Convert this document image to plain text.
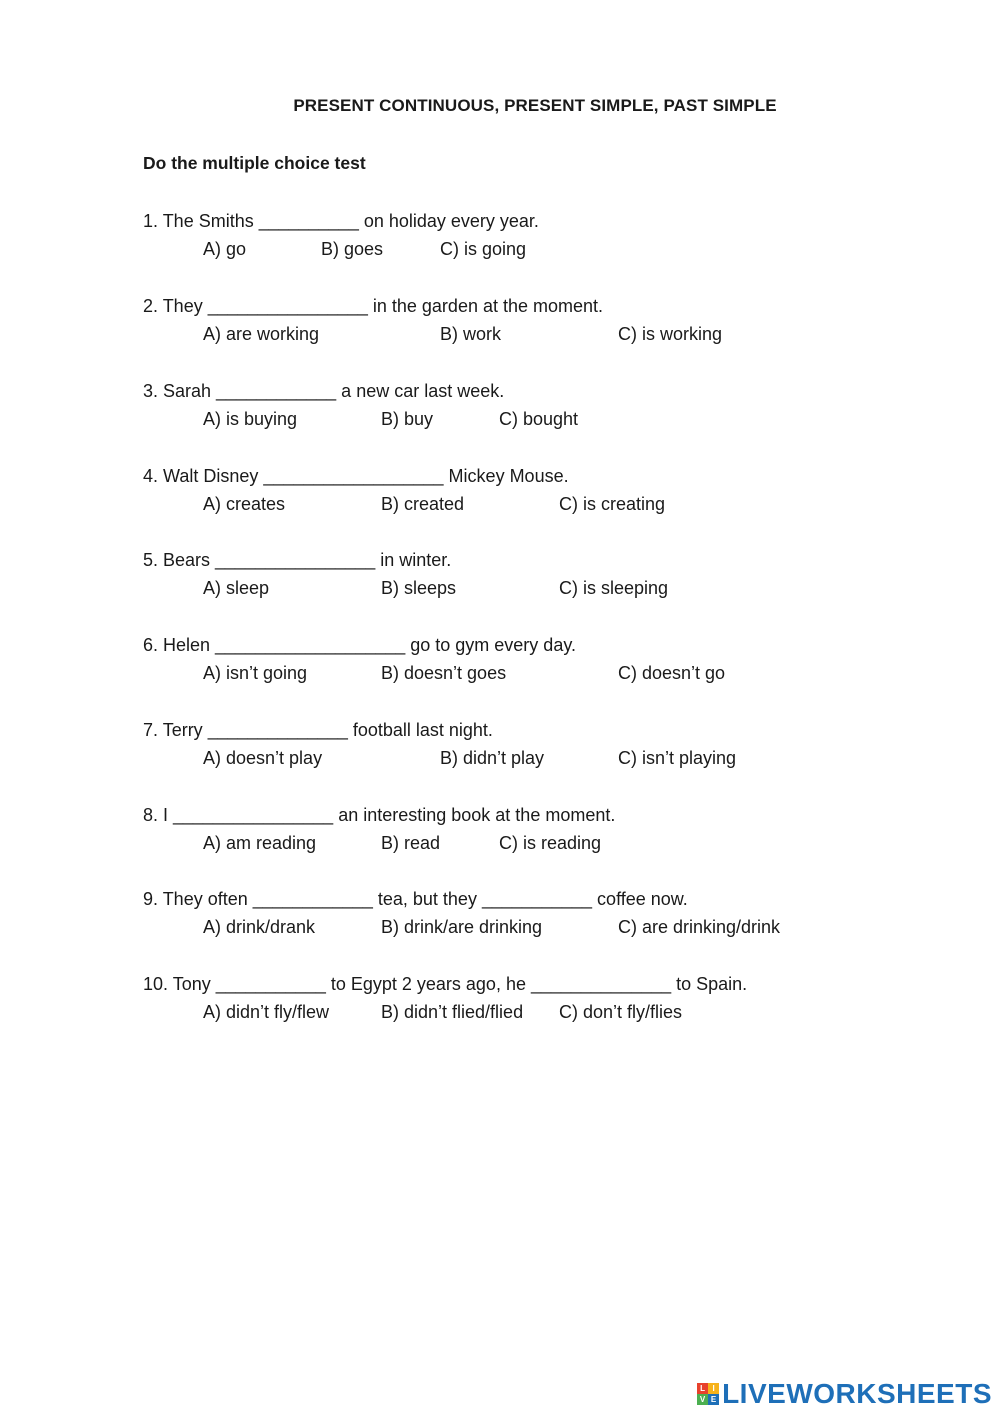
PRESENT CONTINUOUS, PRESENT SIMPLE, PAST SIMPLE
Do the multiple choice test
1. The Smiths __________ on holiday every year.
A) go	B) goes	C) is going
2. They ________________ in the garden at the moment.
A) are working	B) work	C) is working
3. Sarah ____________ a new car last week.
A) is buying	B) buy	C) bought
4. Walt Disney __________________ Mickey Mouse.
A) creates	B) created	C) is creating
5. Bears ________________ in winter.
A) sleep	B) sleeps	C) is sleeping
6. Helen ___________________ go to gym every day.
A) isn’t going	B) doesn’t goes	C) doesn’t go
7. Terry ______________ football last night.
A) doesn’t play	B) didn’t play	C) isn’t playing
8. I ________________ an interesting book at the moment.
A) am reading	B) read	C) is reading
9. They often ____________ tea, but they ___________ coffee now.
A) drink/drank	B) drink/are drinking	C) are drinking/drink
10. Tony ___________ to Egypt 2 years ago, he ______________ to Spain.
A) didn’t fly/flew	B) didn’t flied/flied C) don’t fly/flies
L I
V E LIVEWORKSHEETS
